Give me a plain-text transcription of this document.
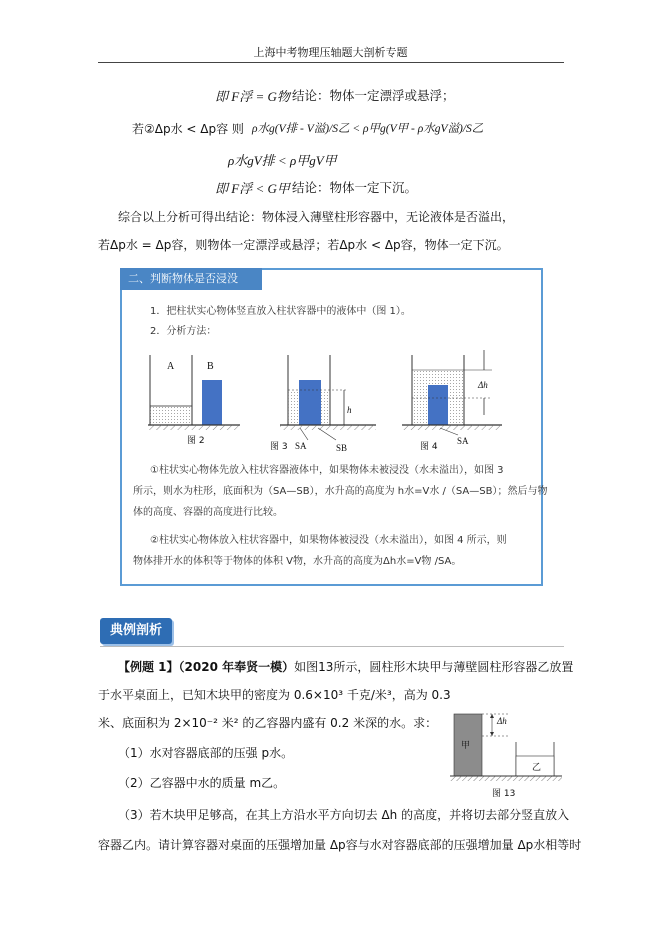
上海中考物理压轴题大剖析专题
即 F浮 = G物 结论：物体一定漂浮或悬浮；
若②Δp水 < Δp容 则 ρ水g(V排 - V溢)/S乙 < ρ甲g(V甲 - ρ水gV溢)/S乙
ρ水gV排 < ρ甲gV甲
即 F浮 < G甲 结论：物体一定下沉。
综合以上分析可得出结论：物体浸入薄壁柱形容器中，无论液体是否溢出，
若Δp水 = Δp容，则物体一定漂浮或悬浮；若Δp水 < Δp容，物体一定下沉。
二、判断物体是否浸没
1．把柱状实心物体竖直放入柱状容器中的液体中（图 1）。
2．分析方法：
A	B
图 2
图 3
h
SA	SB	图 4
Δh
SA
①柱状实心物体先放入柱状容器液体中，如果物体未被浸没（水未溢出），如图 3
所示，则水为柱形，底面积为（SA—SB），水升高的高度为 h水=V水 /（SA—SB）；然后与物
体的高度、容器的高度进行比较。
②柱状实心物体放入柱状容器中，如果物体被浸没（水未溢出），如图 4 所示，则
物体排开水的体积等于物体的体积 V物，水升高的高度为Δh水=V物 /SA。
典例剖析
【例题 1】（2020 年奉贤一模）如图13所示，圆柱形木块甲与薄壁圆柱形容器乙放置
于水平桌面上，已知木块甲的密度为 0.6×10³ 千克/米³，高为 0.3
米、底面积为 2×10⁻² 米² 的乙容器内盛有 0.2 米深的水。求：
（1）水对容器底部的压强 p水。
（2）乙容器中水的质量 m乙。
（3）若木块甲足够高，在其上方沿水平方向切去 Δh 的高度，并将切去部分竖直放入
容器乙内。请计算容器对桌面的压强增加量 Δp容与水对容器底部的压强增加量 Δp水相等时
甲
乙
Δh
图 13
